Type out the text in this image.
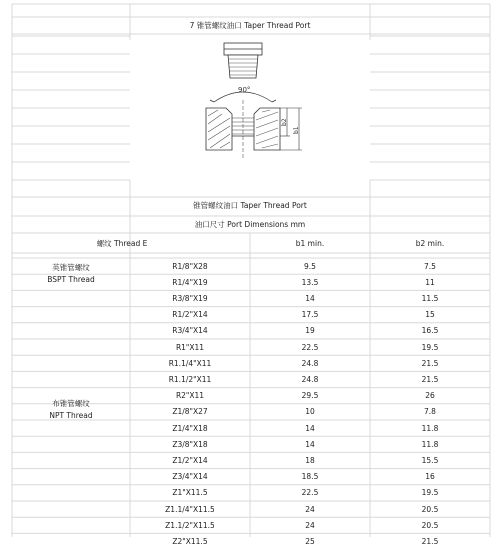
7 锥管螺纹油口 Taper Thread Port
90°
b2
b1
锥管螺纹油口 Taper Thread Port
油口尺寸 Port Dimensions mm
螺纹 Thread E	b1 min.	b2 min.
英锥管螺纹
BSPT Thread
布锥管螺纹
NPT Thread
R1/8"X28	9.5	7.5
R1/4"X19	13.5	11
R3/8"X19	14	11.5
R1/2"X14	17.5	15
R3/4"X14	19	16.5
R1"X11	22.5	19.5
R1.1/4"X11	24.8	21.5
R1.1/2"X11	24.8	21.5
R2"X11	29.5	26
Z1/8"X27	10	7.8
Z1/4"X18	14	11.8
Z3/8"X18	14	11.8
Z1/2"X14	18	15.5
Z3/4"X14	18.5	16
Z1"X11.5	22.5	19.5
Z1.1/4"X11.5	24	20.5
Z1.1/2"X11.5	24	20.5
Z2"X11.5	25	21.5
